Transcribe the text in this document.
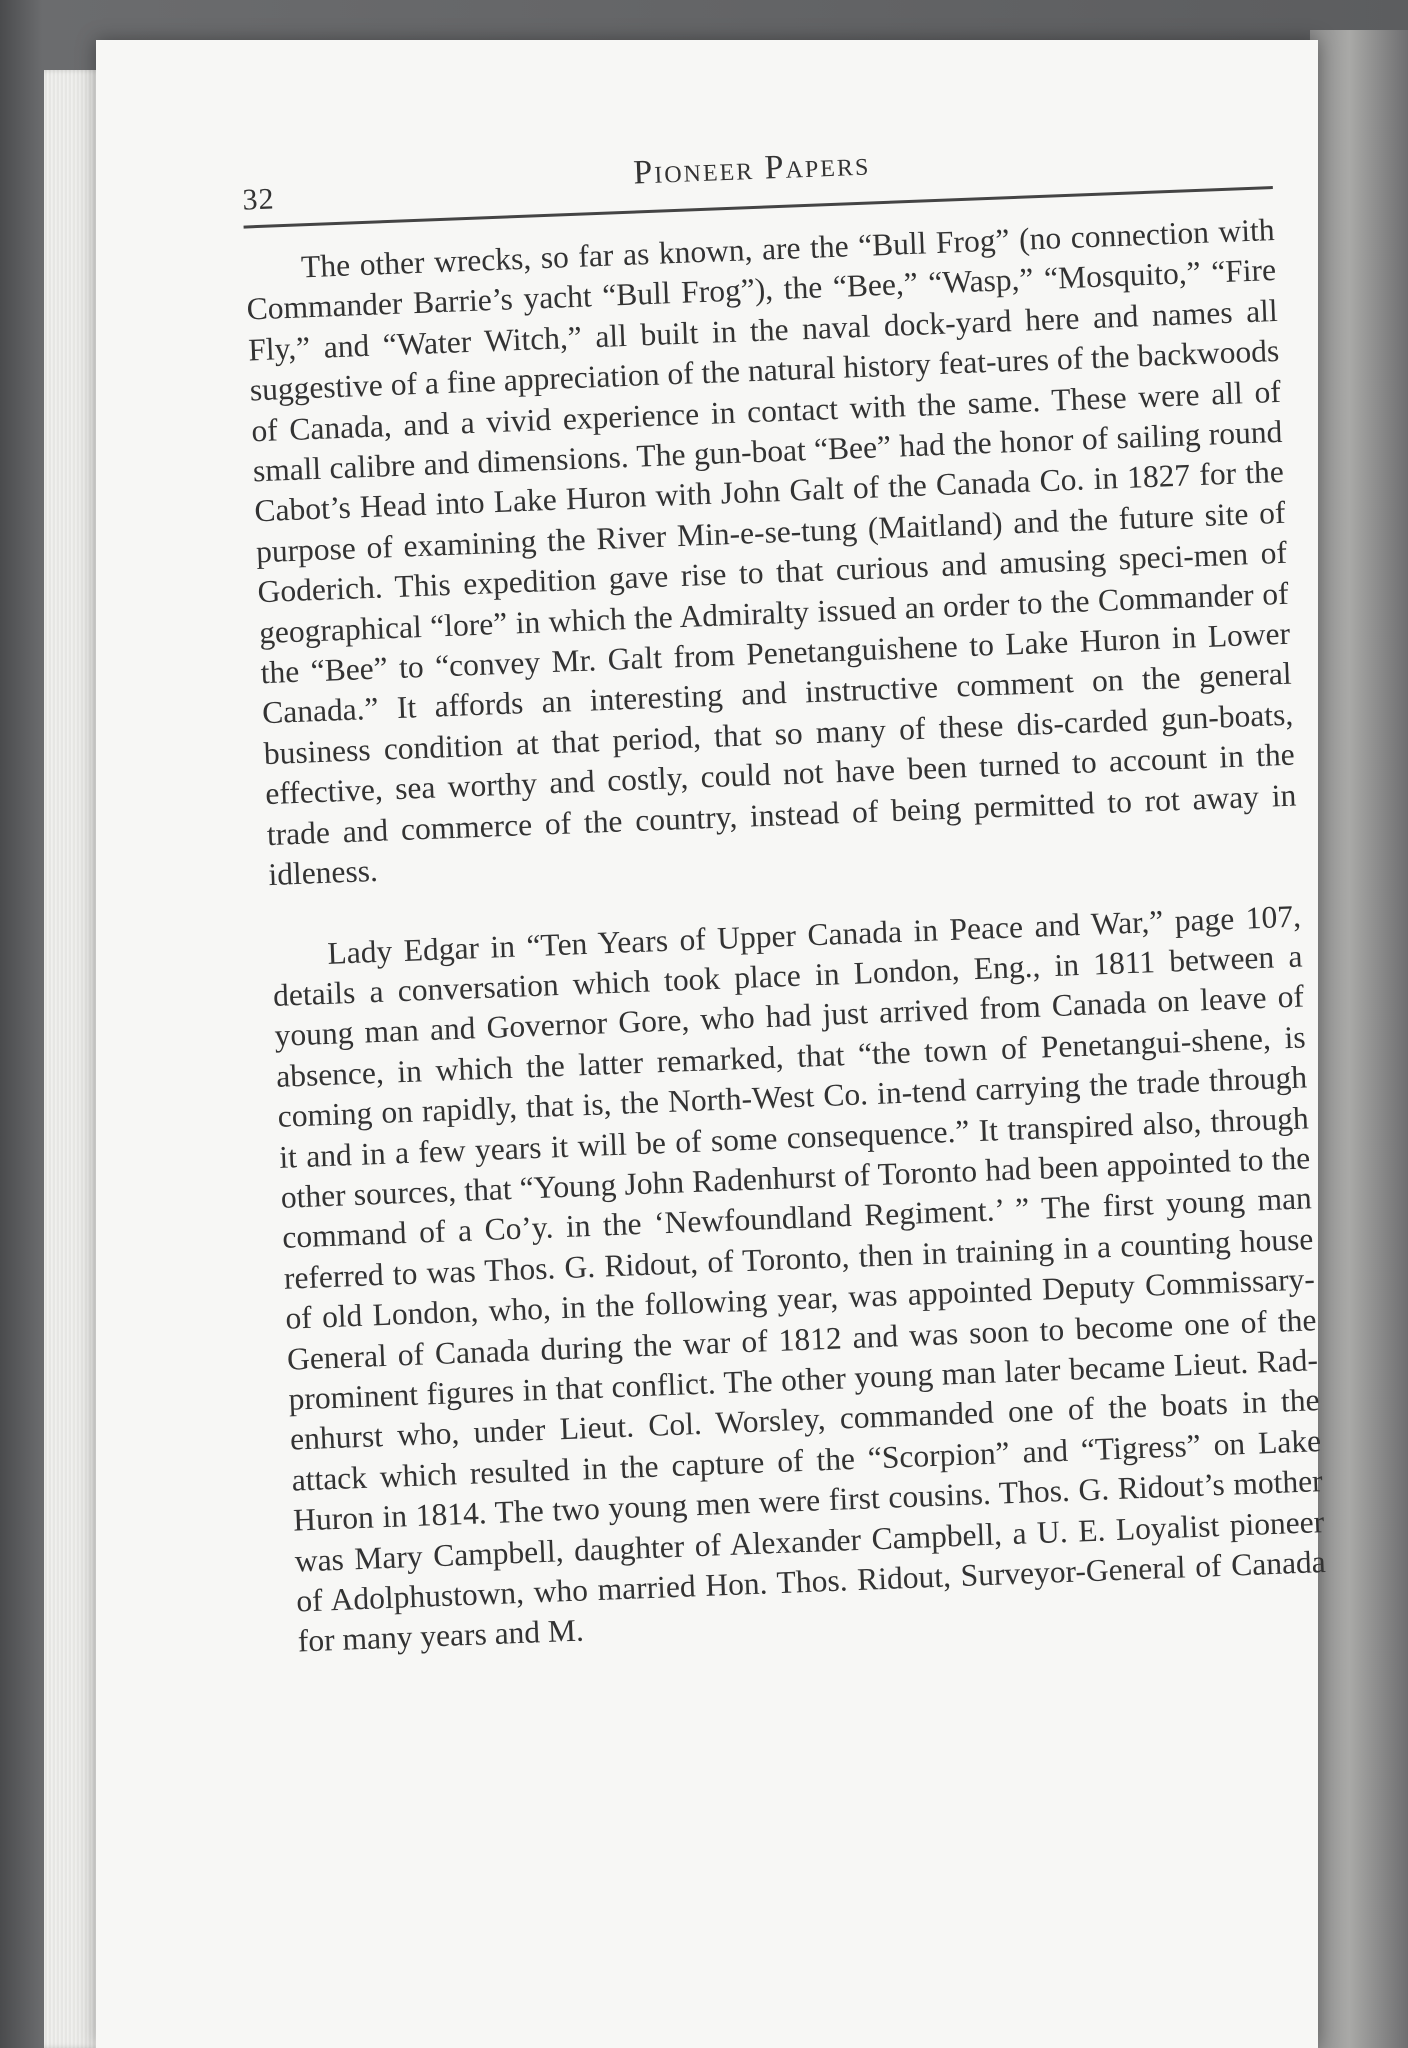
32
Pioneer Papers

The other wrecks, so far as known, are the “Bull Frog” (no connection with Commander Barrie’s yacht “Bull Frog”), the “Bee,” “Wasp,” “Mosquito,” “Fire Fly,” and “Water Witch,” all built in the naval dock-yard here and names all suggestive of a fine appreciation of the natural history feat-ures of the backwoods of Canada, and a vivid experience in contact with the same. These were all of small calibre and dimensions. The gun-boat “Bee” had the honor of sailing round Cabot’s Head into Lake Huron with John Galt of the Canada Co. in 1827 for the purpose of examining the River Min-e-se-tung (Maitland) and the future site of Goderich. This expedition gave rise to that curious and amusing speci-men of geographical “lore” in which the Admiralty issued an order to the Commander of the “Bee” to “convey Mr. Galt from Penetanguishene to Lake Huron in Lower Canada.” It affords an interesting and instructive comment on the general business condition at that period, that so many of these dis-carded gun-boats, effective, sea worthy and costly, could not have been turned to account in the trade and commerce of the country, instead of being permitted to rot away in idleness.

Lady Edgar in “Ten Years of Upper Canada in Peace and War,” page 107, details a conversation which took place in London, Eng., in 1811 between a young man and Governor Gore, who had just arrived from Canada on leave of absence, in which the latter remarked, that “the town of Penetangui-shene, is coming on rapidly, that is, the North-West Co. in-tend carrying the trade through it and in a few years it will be of some consequence.” It transpired also, through other sources, that “Young John Radenhurst of Toronto had been appointed to the command of a Co’y. in the ‘Newfoundland Regiment.’ ” The first young man referred to was Thos. G. Ridout, of Toronto, then in training in a counting house of old London, who, in the following year, was appointed Deputy Commissary-General of Canada during the war of 1812 and was soon to become one of the prominent figures in that conflict. The other young man later became Lieut. Rad-enhurst who, under Lieut. Col. Worsley, commanded one of the boats in the attack which resulted in the capture of the “Scorpion” and “Tigress” on Lake Huron in 1814. The two young men were first cousins. Thos. G. Ridout’s mother was Mary Campbell, daughter of Alexander Campbell, a U. E. Loyalist pioneer of Adolphustown, who married Hon. Thos. Ridout, Surveyor-General of Canada for many years and M.
